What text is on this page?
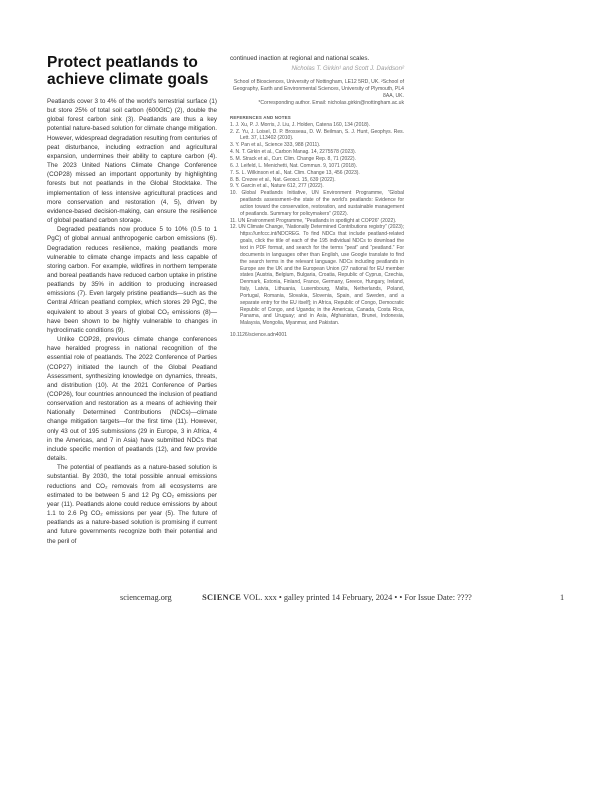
Protect peatlands to achieve climate goals

Peatlands cover 3 to 4% of the world’s terrestrial surface (1) but store 25% of total soil carbon (600GtC) (2), double the global forest carbon sink (3). Peatlands are thus a key potential nature-based solution for climate change mitigation. However, widespread degradation resulting from centuries of peat disturbance, including extraction and agricultural expansion, undermines their ability to capture carbon (4). The 2023 United Nations Climate Change Conference (COP28) missed an important opportunity by highlighting forests but not peatlands in the Global Stocktake. The implementation of less intensive agricultural practices and more conservation and restoration (4, 5), driven by evidence-based decision-making, can ensure the resilience of global peatland carbon storage.

Degraded peatlands now produce 5 to 10% (0.5 to 1 PgC) of global annual anthropogenic carbon emissions (6). Degradation reduces resilience, making peatlands more vulnerable to climate change impacts and less capable of storing carbon. For example, wildfires in northern temperate and boreal peatlands have reduced carbon uptake in pristine peatlands by 35% in addition to producing increased emissions (7). Even largely pristine peatlands—such as the Central African peatland complex, which stores 29 PgC, the equivalent to about 3 years of global CO₂ emissions (8)—have been shown to be highly vulnerable to changes in hydroclimatic conditions (9).

Unlike COP28, previous climate change conferences have heralded progress in national recognition of the essential role of peatlands. The 2022 Conference of Parties (COP27) initiated the launch of the Global Peatland Assessment, synthesizing knowledge on dynamics, threats, and distribution (10). At the 2021 Conference of Parties (COP26), four countries announced the inclusion of peatland conservation and restoration as a means of achieving their Nationally Determined Contributions (NDCs)—climate change mitigation targets—for the first time (11). However, only 43 out of 195 submissions (29 in Europe, 3 in Africa, 4 in the Americas, and 7 in Asia) have submitted NDCs that include specific mention of peatlands (12), and few provide details.

The potential of peatlands as a nature-based solution is substantial. By 2030, the total possible annual emissions reductions and CO₂ removals from all ecosystems are estimated to be between 5 and 12 Pg CO₂ emissions per year (11). Peatlands alone could reduce emissions by about 1.1 to 2.6 Pg CO₂ emissions per year (5). The future of peatlands as a nature-based solution is promising if current and future governments recognize both their potential and the peril of

continued inaction at regional and national scales.

Nicholas T. Girkin¹ and Scott J. Davidson²

School of Biosciences, University of Nottingham, LE12 5RD, UK. ²School of Geography, Earth and Environmental Sciences, University of Plymouth, PL4 8AA, UK.
*Corresponding author. Email: nicholas.girkin@nottingham.ac.uk
REFERENCES AND NOTES
1. J. Xu, P. J. Morris, J. Liu, J. Holden, Catena 160, 134 (2018).
2. Z. Yu, J. Loisel, D. P. Brosseau, D. W. Beilman, S. J. Hunt, Geophys. Res. Lett. 37, L13402 (2010).
3. Y. Pan et al., Science 333, 988 (2011).
4. N. T. Girkin et al., Carbon Manag. 14, 2275578 (2023).
5. M. Strack et al., Curr. Clim. Change Rep. 8, 71 (2022).
6. J. Leifeld, L. Menichetti, Nat. Commun. 9, 1071 (2018).
7. S. L. Wilkinson et al., Nat. Clim. Change 13, 456 (2023).
8. B. Crezee et al., Nat. Geosci. 15, 639 (2022).
9. Y. Garcin et al., Nature 612, 277 (2022).
10. Global Peatlands Initiative, UN Environment Programme, “Global peatlands assessment–the state of the world’s peatlands: Evidence for action toward the conservation, restoration, and sustainable management of peatlands. Summary for policymakers” (2022).
11. UN Environment Programme, “Peatlands in spotlight at COP26” (2022).
12. UN Climate Change, “Nationally Determined Contributions registry” (2023); https://unfccc.int/NDCREG. To find NDCs that include peatland-related goals, click the title of each of the 195 individual NDCs to download the text in PDF format, and search for the terms “peat” and “peatland.” For documents in languages other than English, use Google translate to find the search terms in the relevant language. NDCs including peatlands in Europe are the UK and the European Union (27 national for EU member states [Austria, Belgium, Bulgaria, Croatia, Republic of Cyprus, Czechia, Denmark, Estonia, Finland, France, Germany, Greece, Hungary, Ireland, Italy, Latvia, Lithuania, Luxembourg, Malta, Netherlands, Poland, Portugal, Romania, Slovakia, Slovenia, Spain, and Sweden, and a separate entry for the EU itself]; in Africa, Republic of Congo, Democratic Republic of Congo, and Uganda; in the Americas, Canada, Costa Rica, Panama, and Uruguay; and in Asia, Afghanistan, Brunei, Indonesia, Malaysia, Mongolia, Myanmar, and Pakistan.
10.1126/science.adn4001
sciencemag.org	SCIENCE VOL. xxx • galley printed 14 February, 2024 • • For Issue Date: ????	1
